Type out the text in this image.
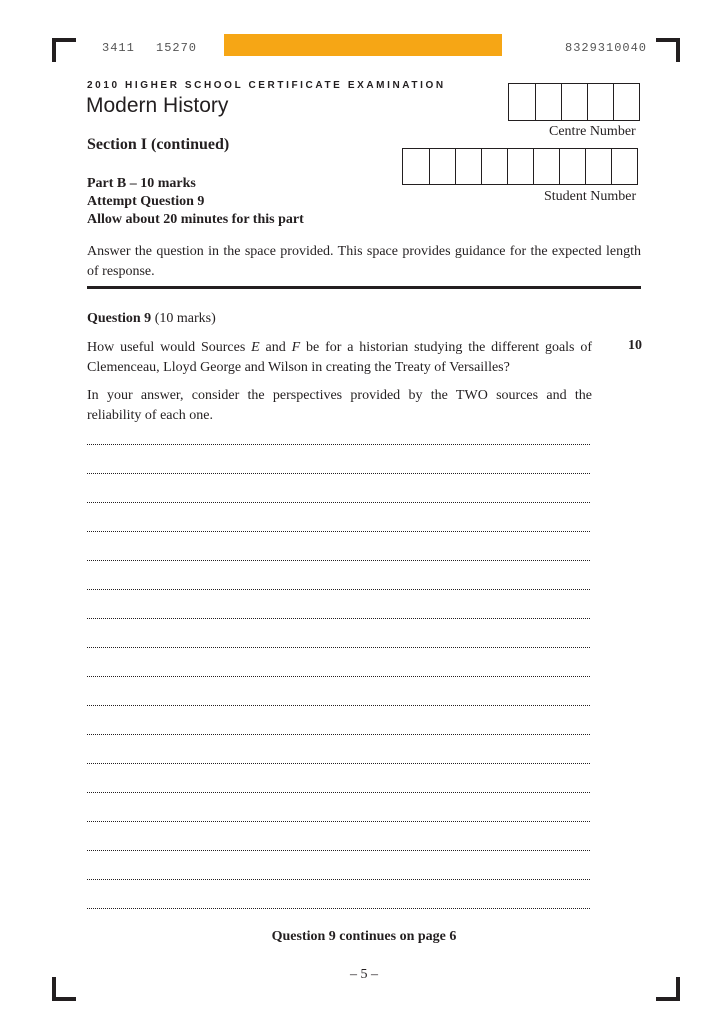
3411 15270	8329310040
2010 HIGHER SCHOOL CERTIFICATE EXAMINATION
Modern History
Section I (continued)
Part B – 10 marks
Attempt Question 9
Allow about 20 minutes for this part
Centre Number
Student Number
Answer the question in the space provided. This space provides guidance for the expected length of response.
Question 9 (10 marks)
How useful would Sources E and F be for a historian studying the different goals of Clemenceau, Lloyd George and Wilson in creating the Treaty of Versailles?
10
In your answer, consider the perspectives provided by the TWO sources and the reliability of each one.
Question 9 continues on page 6
– 5 –
